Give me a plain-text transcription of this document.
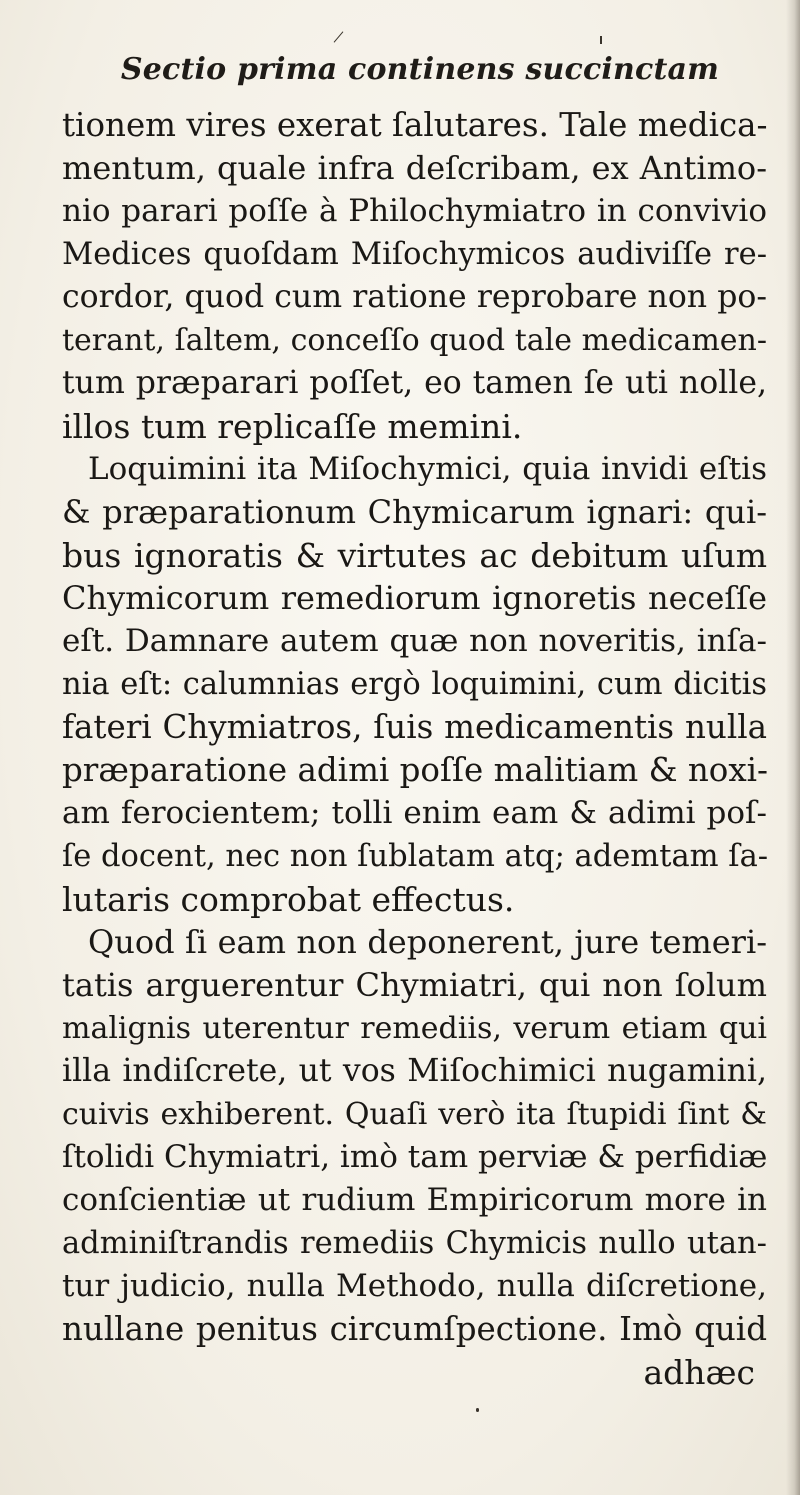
Sectio prima continens succinctam
tionem vires exerat ſalutares. Tale medica-
mentum, quale infra deſcribam, ex Antimo-
nio parari poſſe à Philochymiatro in convivio
Medices quoſdam Miſochymicos audiviſſe re-
cordor, quod cum ratione reprobare non po-
terant, ſaltem, conceſſo quod tale medicamen-
tum præparari poſſet, eo tamen ſe uti nolle,
illos tum replicaſſe memini.
Loquimini ita Miſochymici, quia invidi eſtis
& præparationum Chymicarum ignari: qui-
bus ignoratis & virtutes ac debitum uſum
Chymicorum remediorum ignoretis neceſſe
eſt. Damnare autem quæ non noveritis, inſa-
nia eſt: calumnias ergò loquimini, cum dicitis
fateri Chymiatros, ſuis medicamentis nulla
præparatione adimi poſſe malitiam & noxi-
am ferocientem; tolli enim eam & adimi poſ-
ſe docent, nec non ſublatam atq; ademtam ſa-
lutaris comprobat effectus.
Quod ſi eam non deponerent, jure temeri-
tatis arguerentur Chymiatri, qui non ſolum
malignis uterentur remediis, verum etiam qui
illa indiſcrete, ut vos Miſochimici nugamini,
cuivis exhiberent. Quaſi verò ita ſtupidi ſint &
ſtolidi Chymiatri, imò tam perviæ & perfidiæ
conſcientiæ ut rudium Empiricorum more in
adminiſtrandis remediis Chymicis nullo utan-
tur judicio, nulla Methodo, nulla diſcretione,
nullane penitus circumſpectione. Imò quid
adhæc
